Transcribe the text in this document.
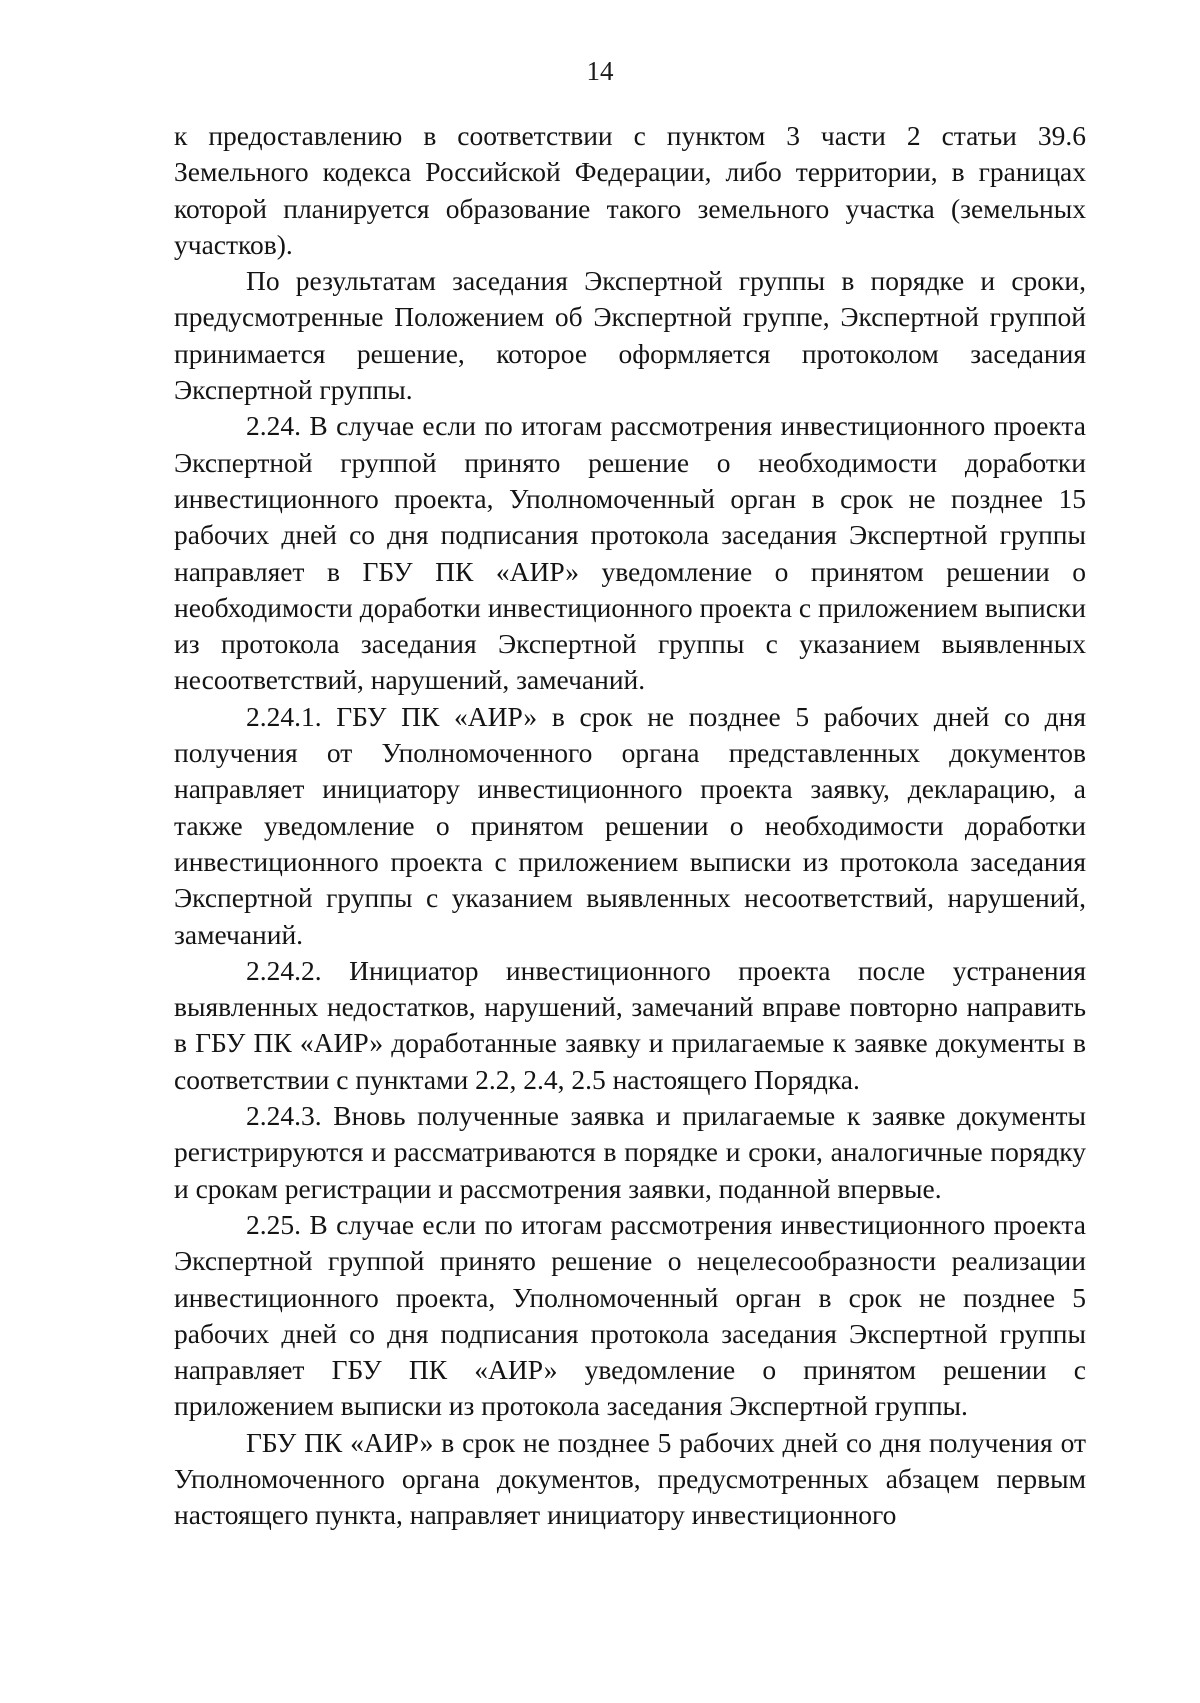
14

к предоставлению в соответствии с пунктом 3 части 2 статьи 39.6 Земельного кодекса Российской Федерации, либо территории, в границах которой планируется образование такого земельного участка (земельных участков).

По результатам заседания Экспертной группы в порядке и сроки, предусмотренные Положением об Экспертной группе, Экспертной группой принимается решение, которое оформляется протоколом заседания Экспертной группы.

2.24. В случае если по итогам рассмотрения инвестиционного проекта Экспертной группой принято решение о необходимости доработки инвестиционного проекта, Уполномоченный орган в срок не позднее 15 рабочих дней со дня подписания протокола заседания Экспертной группы направляет в ГБУ ПК «АИР» уведомление о принятом решении о необходимости доработки инвестиционного проекта с приложением выписки из протокола заседания Экспертной группы с указанием выявленных несоответствий, нарушений, замечаний.

2.24.1. ГБУ ПК «АИР» в срок не позднее 5 рабочих дней со дня получения от Уполномоченного органа представленных документов направляет инициатору инвестиционного проекта заявку, декларацию, а также уведомление о принятом решении о необходимости доработки инвестиционного проекта с приложением выписки из протокола заседания Экспертной группы с указанием выявленных несоответствий, нарушений, замечаний.

2.24.2. Инициатор инвестиционного проекта после устранения выявленных недостатков, нарушений, замечаний вправе повторно направить в ГБУ ПК «АИР» доработанные заявку и прилагаемые к заявке документы в соответствии с пунктами 2.2, 2.4, 2.5 настоящего Порядка.

2.24.3. Вновь полученные заявка и прилагаемые к заявке документы регистрируются и рассматриваются в порядке и сроки, аналогичные порядку и срокам регистрации и рассмотрения заявки, поданной впервые.

2.25. В случае если по итогам рассмотрения инвестиционного проекта Экспертной группой принято решение о нецелесообразности реализации инвестиционного проекта, Уполномоченный орган в срок не позднее 5 рабочих дней со дня подписания протокола заседания Экспертной группы направляет ГБУ ПК «АИР» уведомление о принятом решении с приложением выписки из протокола заседания Экспертной группы.

ГБУ ПК «АИР» в срок не позднее 5 рабочих дней со дня получения от Уполномоченного органа документов, предусмотренных абзацем первым настоящего пункта, направляет инициатору инвестиционного
